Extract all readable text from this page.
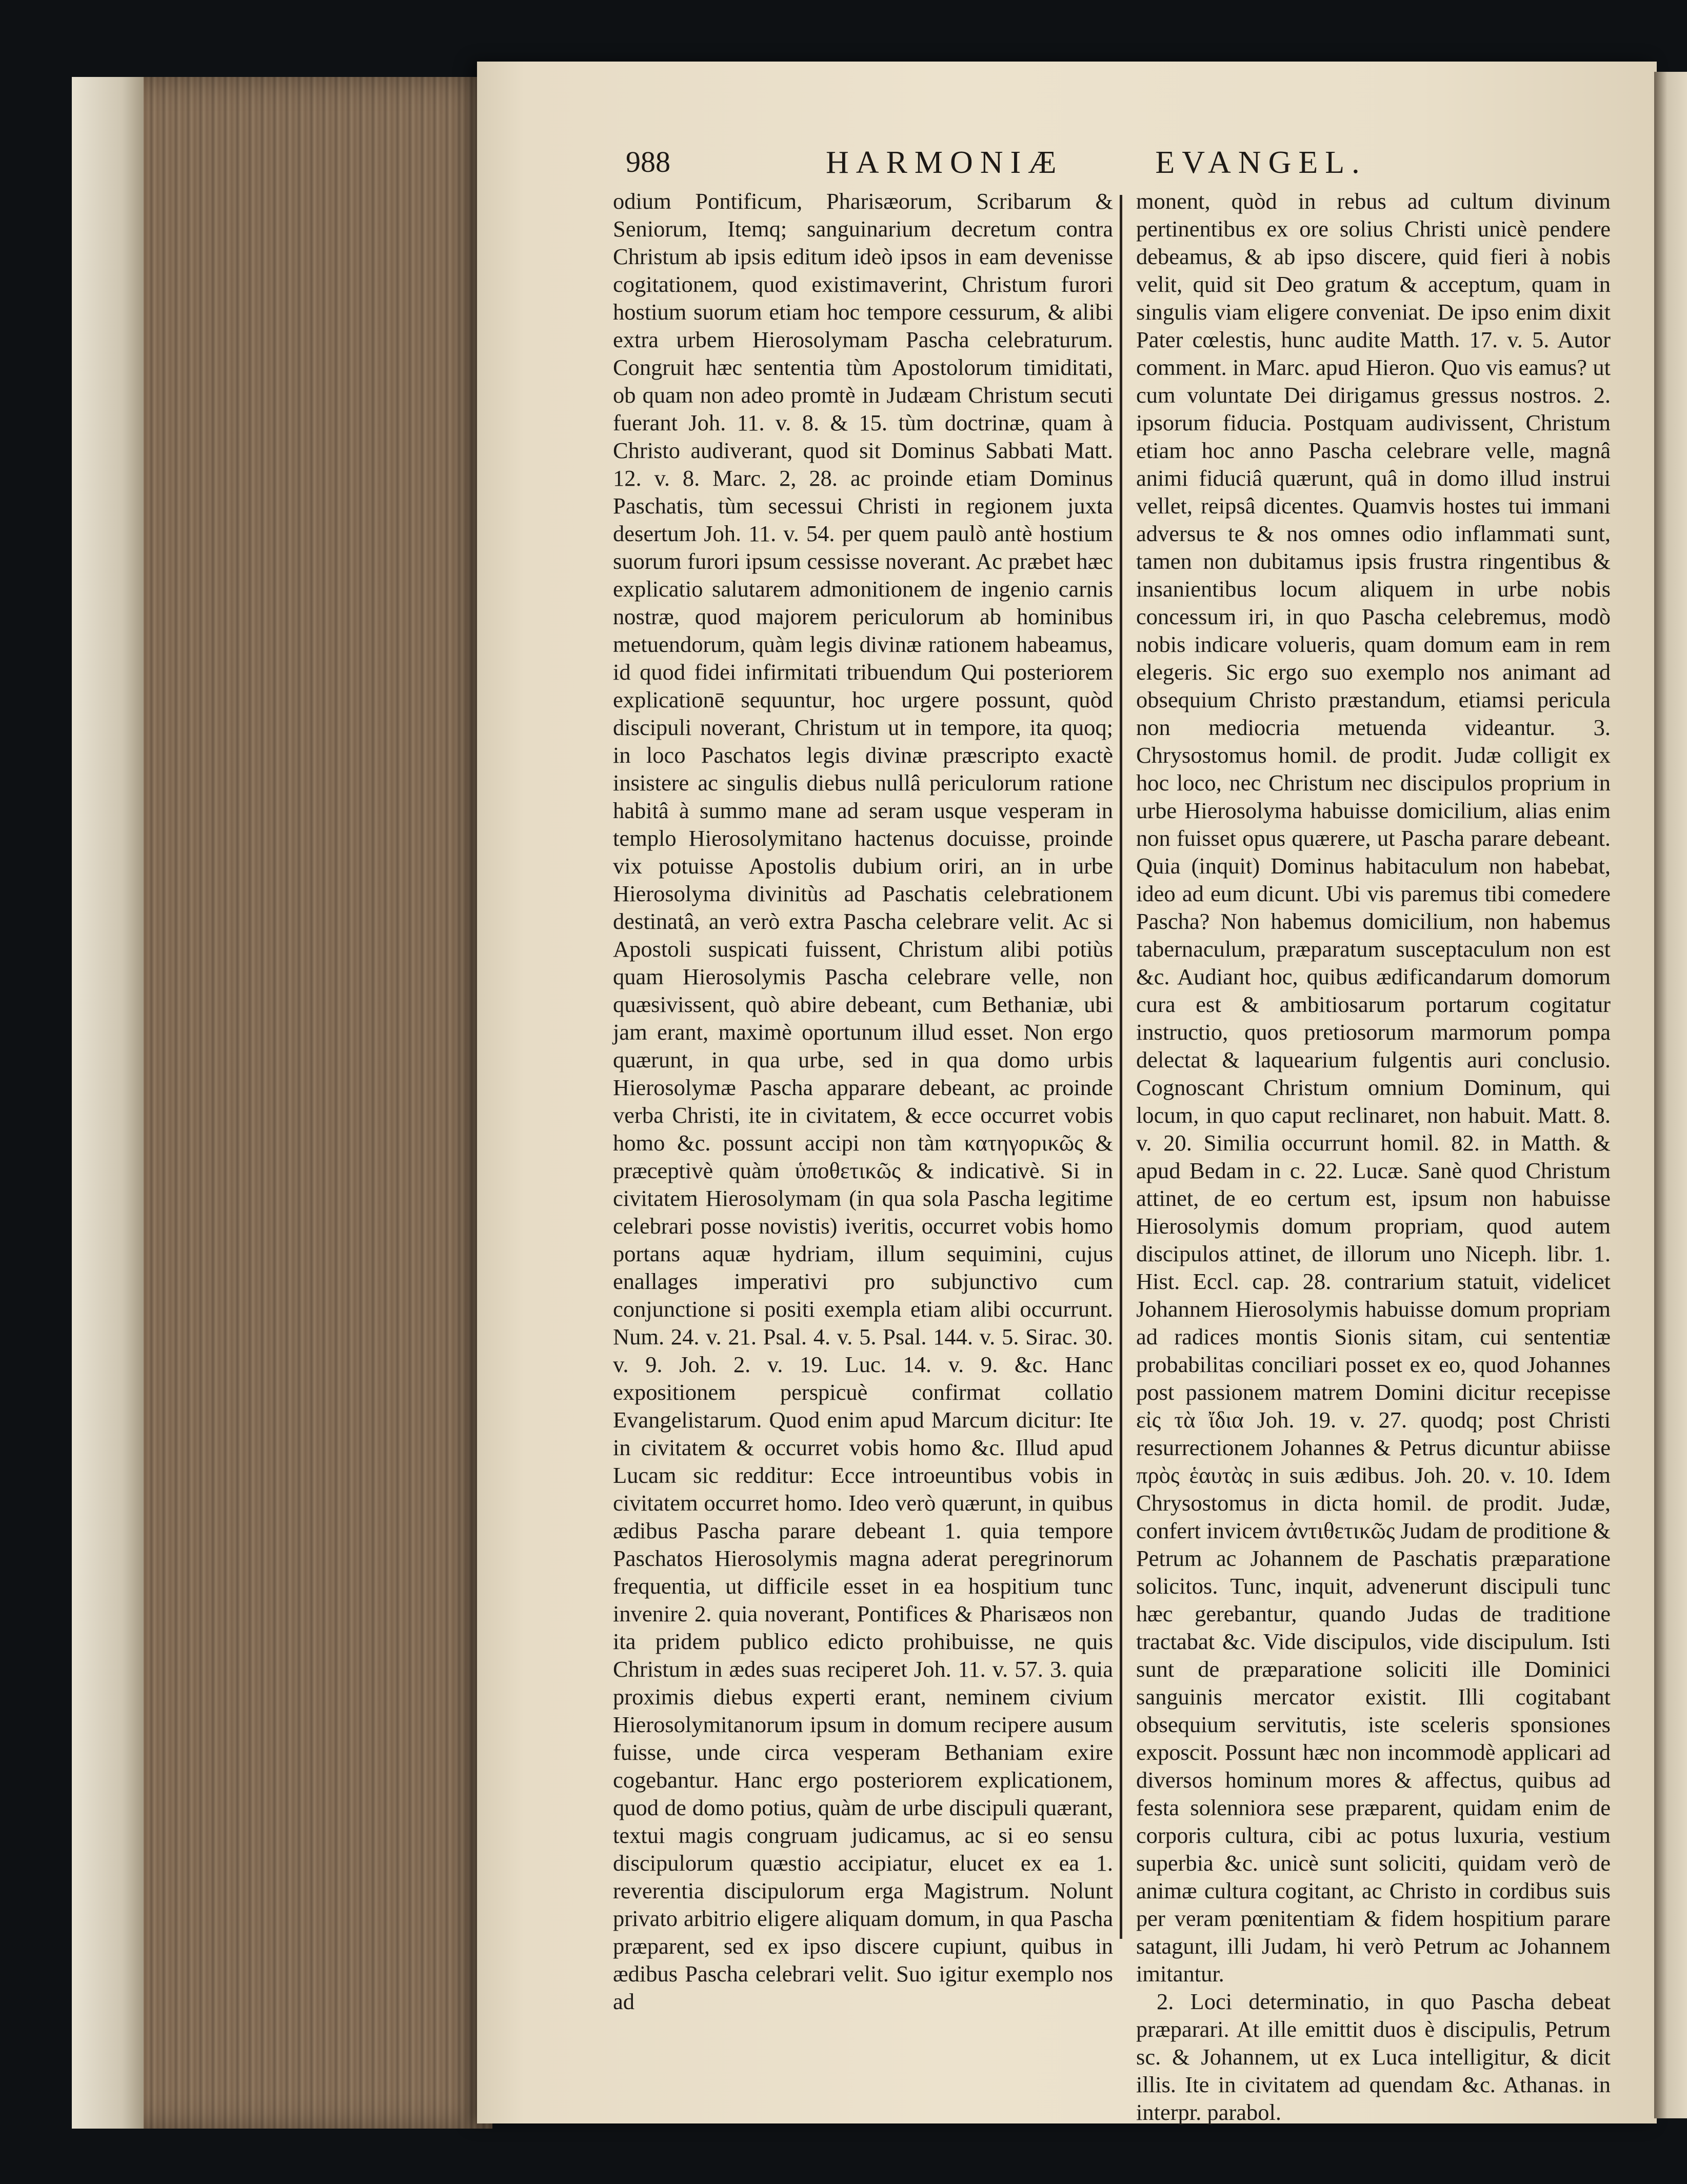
988	HARMONIÆ	EVANGEL.

odium Pontificum, Pharisæorum, Scribarum & Seniorum, Itemq; sanguinarium decretum contra Christum ab ipsis editum ideò ipsos in eam devenisse cogitationem, quod existimaverint, Christum furori hostium suorum etiam hoc tempore cessurum, & alibi extra urbem Hierosolymam Pascha celebraturum. Congruit hæc sententia tùm Apostolorum timiditati, ob quam non adeo promtè in Judæam Christum secuti fuerant Joh. 11. v. 8. & 15. tùm doctrinæ, quam à Christo audiverant, quod sit Dominus Sabbati Matt. 12. v. 8. Marc. 2, 28. ac proinde etiam Dominus Paschatis, tùm secessui Christi in regionem juxta desertum Joh. 11. v. 54. per quem paulò antè hostium suorum furori ipsum cessisse noverant. Ac præbet hæc explicatio salutarem admonitionem de ingenio carnis nostræ, quod majorem periculorum ab hominibus metuendorum, quàm legis divinæ rationem habeamus, id quod fidei infirmitati tribuendum Qui posteriorem explicationē sequuntur, hoc urgere possunt, quòd discipuli noverant, Christum ut in tempore, ita quoq; in loco Paschatos legis divinæ præscripto exactè insistere ac singulis diebus nullâ periculorum ratione habitâ à summo mane ad seram usque vesperam in templo Hierosolymitano hactenus docuisse, proinde vix potuisse Apostolis dubium oriri, an in urbe Hierosolyma divinitùs ad Paschatis celebrationem destinatâ, an verò extra Pascha celebrare velit. Ac si Apostoli suspicati fuissent, Christum alibi potiùs quam Hierosolymis Pascha celebrare velle, non quæsivissent, quò abire debeant, cum Bethaniæ, ubi jam erant, maximè oportunum illud esset. Non ergo quærunt, in qua urbe, sed in qua domo urbis Hierosolymæ Pascha apparare debeant, ac proinde verba Christi, ite in civitatem, & ecce occurret vobis homo &c. possunt accipi non tàm κατηγορικῶς & præceptivè quàm ὑποθετικῶς & indicativè. Si in civitatem Hierosolymam (in qua sola Pascha legitime celebrari posse novistis) iveritis, occurret vobis homo portans aquæ hydriam, illum sequimini, cujus enallages imperativi pro subjunctivo cum conjunctione si positi exempla etiam alibi occurrunt. Num. 24. v. 21. Psal. 4. v. 5. Psal. 144. v. 5. Sirac. 30. v. 9. Joh. 2. v. 19. Luc. 14. v. 9. &c. Hanc expositionem perspicuè confirmat collatio Evangelistarum. Quod enim apud Marcum dicitur: Ite in civitatem & occurret vobis homo &c. Illud apud Lucam sic redditur: Ecce introeuntibus vobis in civitatem occurret homo. Ideo verò quærunt, in quibus ædibus Pascha parare debeant 1. quia tempore Paschatos Hierosolymis magna aderat peregrinorum frequentia, ut difficile esset in ea hospitium tunc invenire 2. quia noverant, Pontifices & Pharisæos non ita pridem publico edicto prohibuisse, ne quis Christum in ædes suas reciperet Joh. 11. v. 57. 3. quia proximis diebus experti erant, neminem civium Hierosolymitanorum ipsum in domum recipere ausum fuisse, unde circa vesperam Bethaniam exire cogebantur. Hanc ergo posteriorem explicationem, quod de domo potius, quàm de urbe discipuli quærant, textui magis congruam judicamus, ac si eo sensu discipulorum quæstio accipiatur, elucet ex ea 1. reverentia discipulorum erga Magistrum. Nolunt privato arbitrio eligere aliquam domum, in qua Pascha præparent, sed ex ipso discere cupiunt, quibus in ædibus Pascha celebrari velit. Suo igitur exemplo nos ad

monent, quòd in rebus ad cultum divinum pertinentibus ex ore solius Christi unicè pendere debeamus, & ab ipso discere, quid fieri à nobis velit, quid sit Deo gratum & acceptum, quam in singulis viam eligere conveniat. De ipso enim dixit Pater cœlestis, hunc audite Matth. 17. v. 5. Autor comment. in Marc. apud Hieron. Quo vis eamus? ut cum voluntate Dei dirigamus gressus nostros. 2. ipsorum fiducia. Postquam audivissent, Christum etiam hoc anno Pascha celebrare velle, magnâ animi fiduciâ quærunt, quâ in domo illud instrui vellet, reipsâ dicentes. Quamvis hostes tui immani adversus te & nos omnes odio inflammati sunt, tamen non dubitamus ipsis frustra ringentibus & insanientibus locum aliquem in urbe nobis concessum iri, in quo Pascha celebremus, modò nobis indicare volueris, quam domum eam in rem elegeris. Sic ergo suo exemplo nos animant ad obsequium Christo præstandum, etiamsi pericula non mediocria metuenda videantur. 3. Chrysostomus homil. de prodit. Judæ colligit ex hoc loco, nec Christum nec discipulos proprium in urbe Hierosolyma habuisse domicilium, alias enim non fuisset opus quærere, ut Pascha parare debeant. Quia (inquit) Dominus habitaculum non habebat, ideo ad eum dicunt. Ubi vis paremus tibi comedere Pascha? Non habemus domicilium, non habemus tabernaculum, præparatum susceptaculum non est &c. Audiant hoc, quibus ædificandarum domorum cura est & ambitiosarum portarum cogitatur instructio, quos pretiosorum marmorum pompa delectat & laquearium fulgentis auri conclusio. Cognoscant Christum omnium Dominum, qui locum, in quo caput reclinaret, non habuit. Matt. 8. v. 20. Similia occurrunt homil. 82. in Matth. & apud Bedam in c. 22. Lucæ. Sanè quod Christum attinet, de eo certum est, ipsum non habuisse Hierosolymis domum propriam, quod autem discipulos attinet, de illorum uno Niceph. libr. 1. Hist. Eccl. cap. 28. contrarium statuit, videlicet Johannem Hierosolymis habuisse domum propriam ad radices montis Sionis sitam, cui sententiæ probabilitas conciliari posset ex eo, quod Johannes post passionem matrem Domini dicitur recepisse εἰς τὰ ἴδια Joh. 19. v. 27. quodq; post Christi resurrectionem Johannes & Petrus dicuntur abiisse πρὸς ἑαυτὰς in suis ædibus. Joh. 20. v. 10. Idem Chrysostomus in dicta homil. de prodit. Judæ, confert invicem ἀντιθετικῶς Judam de proditione & Petrum ac Johannem de Paschatis præparatione solicitos. Tunc, inquit, advenerunt discipuli tunc hæc gerebantur, quando Judas de traditione tractabat &c. Vide discipulos, vide discipulum. Isti sunt de præparatione soliciti ille Dominici sanguinis mercator existit. Illi cogitabant obsequium servitutis, iste sceleris sponsiones exposcit. Possunt hæc non incommodè applicari ad diversos hominum mores & affectus, quibus ad festa solenniora sese præparent, quidam enim de corporis cultura, cibi ac potus luxuria, vestium superbia &c. unicè sunt soliciti, quidam verò de animæ cultura cogitant, ac Christo in cordibus suis per veram pœnitentiam & fidem hospitium parare satagunt, illi Judam, hi verò Petrum ac Johannem imitantur.

2. Loci determinatio, in quo Pascha debeat præparari. At ille emittit duos è discipulis, Petrum sc. & Johannem, ut ex Luca intelligitur, & dicit illis. Ite in civitatem ad quendam &c. Athanas. in interpr. parabol.
